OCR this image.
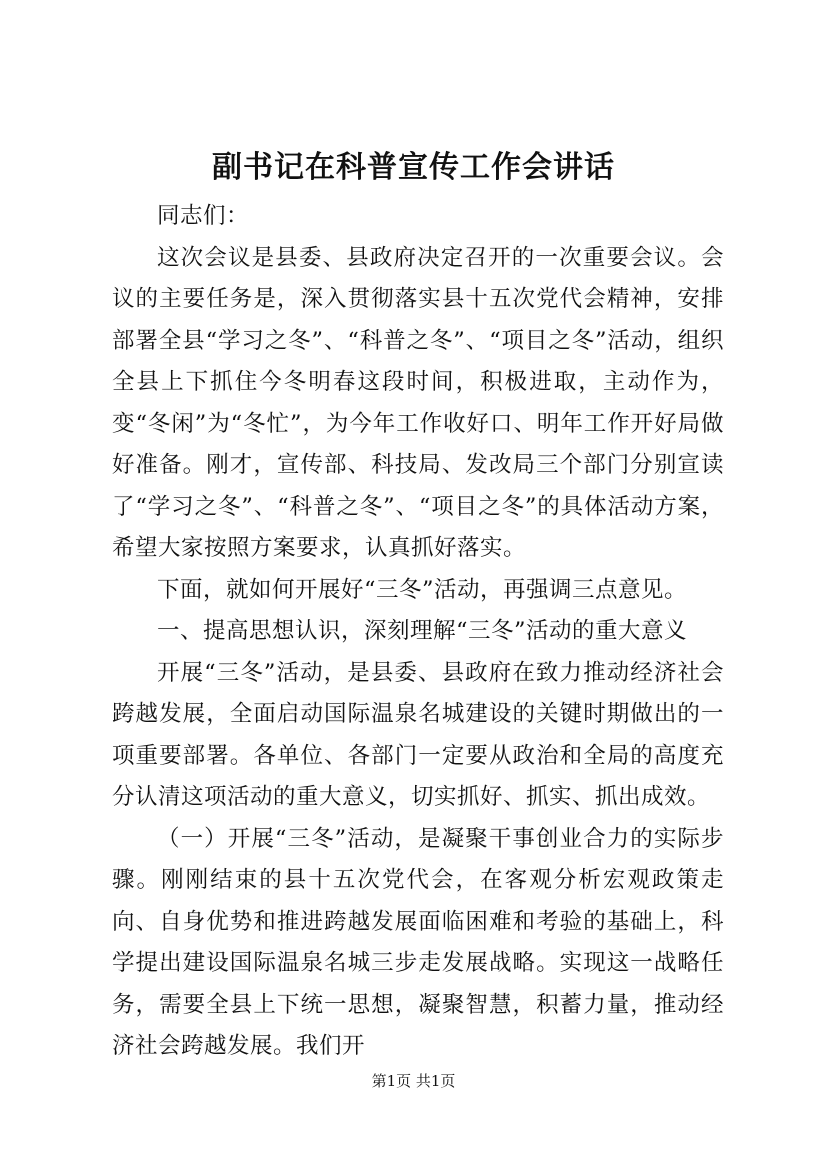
副书记在科普宣传工作会讲话

同志们：

这次会议是县委、县政府决定召开的一次重要会议。会议的主要任务是，深入贯彻落实县十五次党代会精神，安排部署全县“学习之冬”、“科普之冬”、“项目之冬”活动，组织全县上下抓住今冬明春这段时间，积极进取，主动作为，变“冬闲”为“冬忙”，为今年工作收好口、明年工作开好局做好准备。刚才，宣传部、科技局、发改局三个部门分别宣读了“学习之冬”、“科普之冬”、“项目之冬”的具体活动方案，希望大家按照方案要求，认真抓好落实。

下面，就如何开展好“三冬”活动，再强调三点意见。

一、提高思想认识，深刻理解“三冬”活动的重大意义

开展“三冬”活动，是县委、县政府在致力推动经济社会跨越发展，全面启动国际温泉名城建设的关键时期做出的一项重要部署。各单位、各部门一定要从政治和全局的高度充分认清这项活动的重大意义，切实抓好、抓实、抓出成效。

（一）开展“三冬”活动，是凝聚干事创业合力的实际步骤。刚刚结束的县十五次党代会，在客观分析宏观政策走向、自身优势和推进跨越发展面临困难和考验的基础上，科学提出建设国际温泉名城三步走发展战略。实现这一战略任务，需要全县上下统一思想，凝聚智慧，积蓄力量，推动经济社会跨越发展。我们开

第1页 共1页
